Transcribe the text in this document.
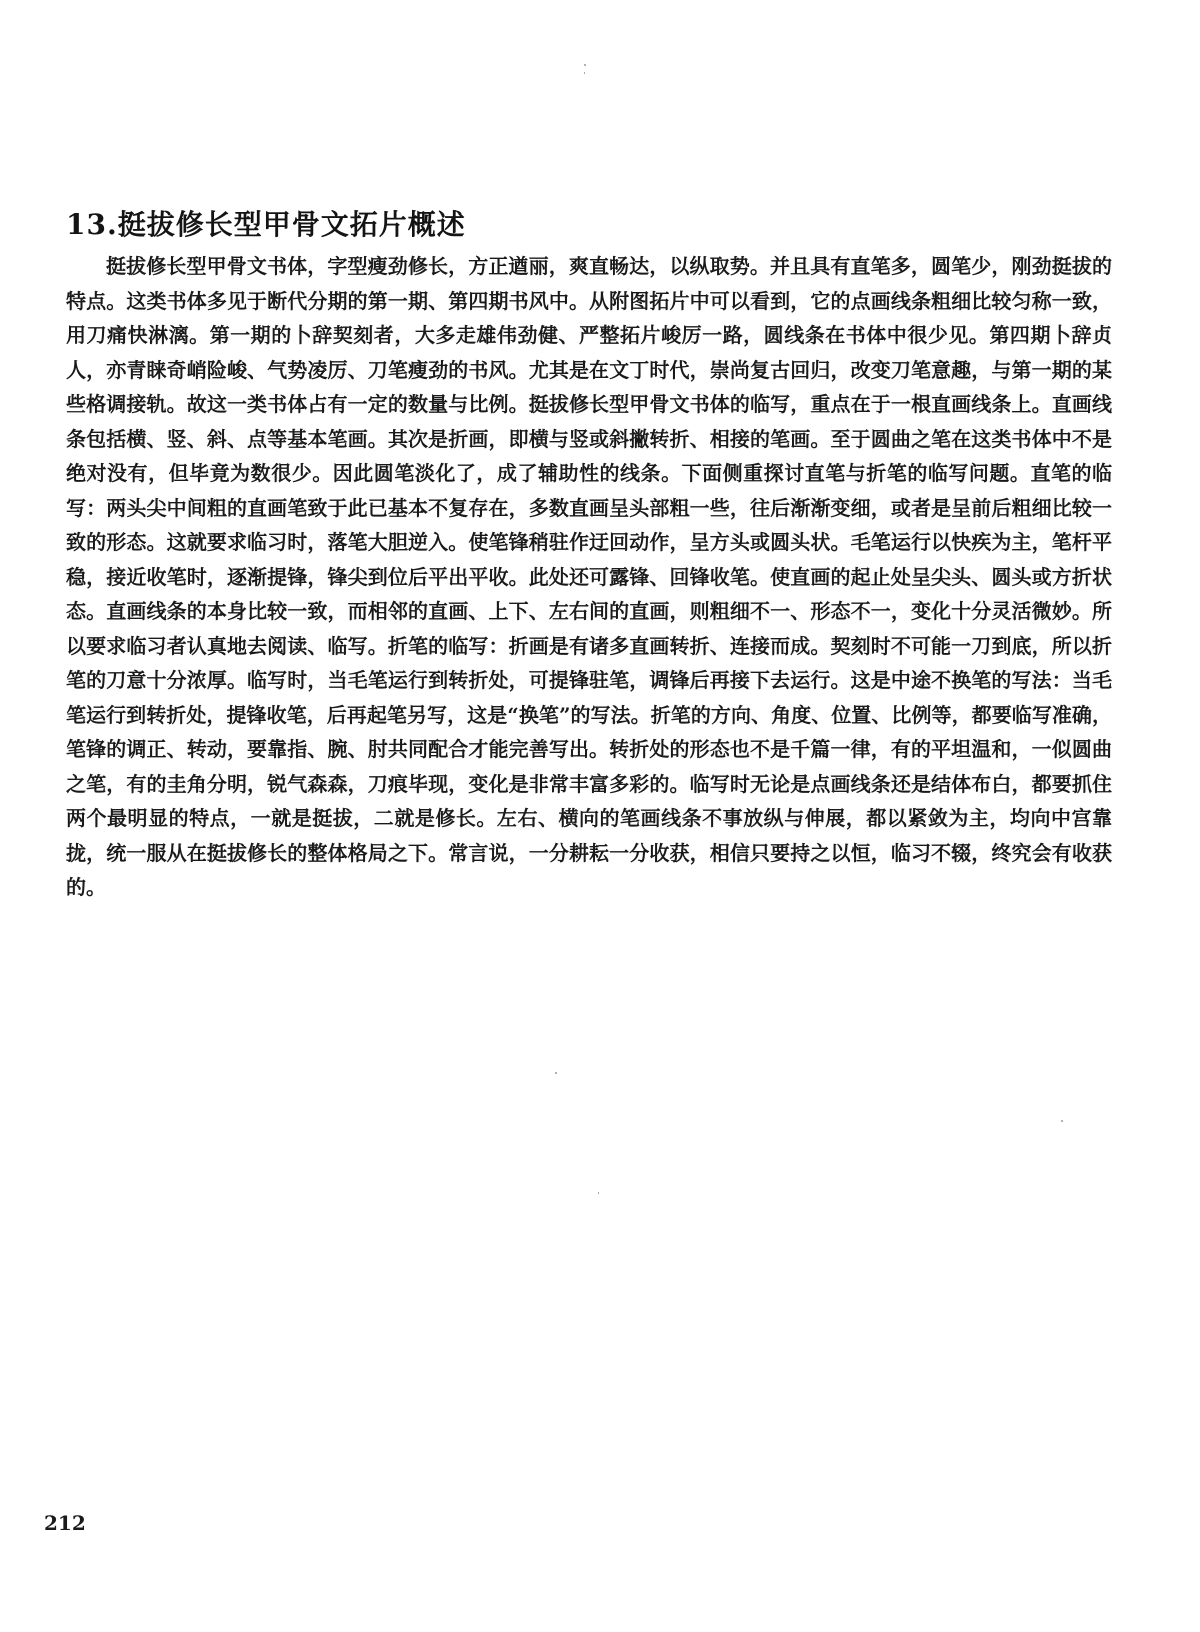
13.挺拔修长型甲骨文拓片概述

挺拔修长型甲骨文书体，字型瘦劲修长，方正遒丽，爽直畅达，以纵取势。并且具有直笔多，圆笔少，刚劲挺拔的特点。这类书体多见于断代分期的第一期、第四期书风中。从附图拓片中可以看到，它的点画线条粗细比较匀称一致，用刀痛快淋漓。第一期的卜辞契刻者，大多走雄伟劲健、严整拓片峻厉一路，圆线条在书体中很少见。第四期卜辞贞人，亦青睐奇峭险峻、气势凌厉、刀笔瘦劲的书风。尤其是在文丁时代，崇尚复古回归，改变刀笔意趣，与第一期的某些格调接轨。故这一类书体占有一定的数量与比例。挺拔修长型甲骨文书体的临写，重点在于一根直画线条上。直画线条包括横、竖、斜、点等基本笔画。其次是折画，即横与竖或斜撇转折、相接的笔画。至于圆曲之笔在这类书体中不是绝对没有，但毕竟为数很少。因此圆笔淡化了，成了辅助性的线条。下面侧重探讨直笔与折笔的临写问题。直笔的临写：两头尖中间粗的直画笔致于此已基本不复存在，多数直画呈头部粗一些，往后渐渐变细，或者是呈前后粗细比较一致的形态。这就要求临习时，落笔大胆逆入。使笔锋稍驻作迂回动作，呈方头或圆头状。毛笔运行以快疾为主，笔杆平稳，接近收笔时，逐渐提锋，锋尖到位后平出平收。此处还可露锋、回锋收笔。使直画的起止处呈尖头、圆头或方折状态。直画线条的本身比较一致，而相邻的直画、上下、左右间的直画，则粗细不一、形态不一，变化十分灵活微妙。所以要求临习者认真地去阅读、临写。折笔的临写：折画是有诸多直画转折、连接而成。契刻时不可能一刀到底，所以折笔的刀意十分浓厚。临写时，当毛笔运行到转折处，可提锋驻笔，调锋后再接下去运行。这是中途不换笔的写法：当毛笔运行到转折处，提锋收笔，后再起笔另写，这是“换笔”的写法。折笔的方向、角度、位置、比例等，都要临写准确，笔锋的调正、转动，要靠指、腕、肘共同配合才能完善写出。转折处的形态也不是千篇一律，有的平坦温和，一似圆曲之笔，有的圭角分明，锐气森森，刀痕毕现，变化是非常丰富多彩的。临写时无论是点画线条还是结体布白，都要抓住两个最明显的特点，一就是挺拔，二就是修长。左右、横向的笔画线条不事放纵与伸展，都以紧敛为主，均向中宫靠拢，统一服从在挺拔修长的整体格局之下。常言说，一分耕耘一分收获，相信只要持之以恒，临习不辍，终究会有收获的。

212
